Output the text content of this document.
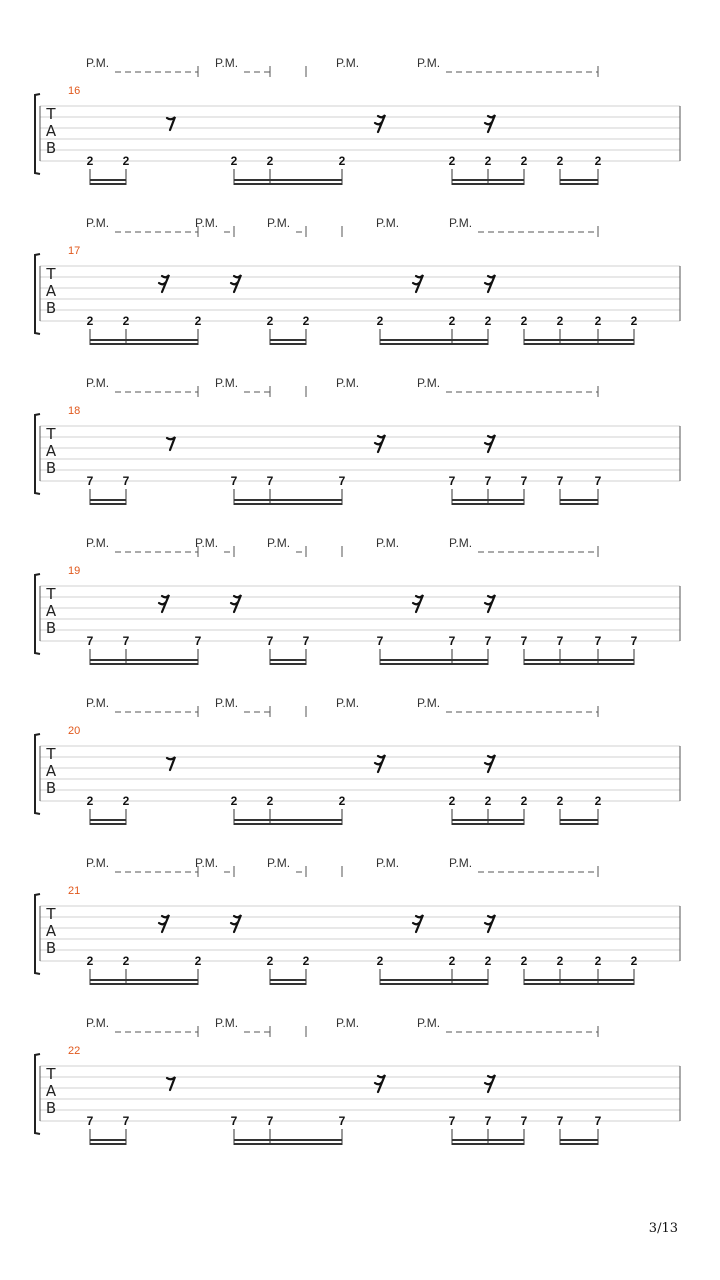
P.M.	P.M.	P.M.	P.M.
16
T
A
B
2 2	2 2	2	2 2 2 2	2
P.M.	P.M.	P.M.	P.M.	P.M.
17
T
A
B
2 2	2	2 2	2	2 2 2 2	2 2
P.M.	P.M.	P.M.	P.M.
18
T
A
B
7 7	7 7	7	7 7 7 7	7
P.M.	P.M.	P.M.	P.M.	P.M.
19
T
A
B
7 7	7	7 7	7	7 7 7 7	7 7
P.M.	P.M.	P.M.	P.M.
20
T
A
B
2 2	2 2	2	2 2 2 2	2
P.M.	P.M.	P.M.	P.M.	P.M.
21
T
A
B
2 2	2	2 2	2	2 2 2 2	2 2
P.M.	P.M.	P.M.	P.M.
22
T
A
B
7 7	7 7	7	7 7 7 7	7
3/13
